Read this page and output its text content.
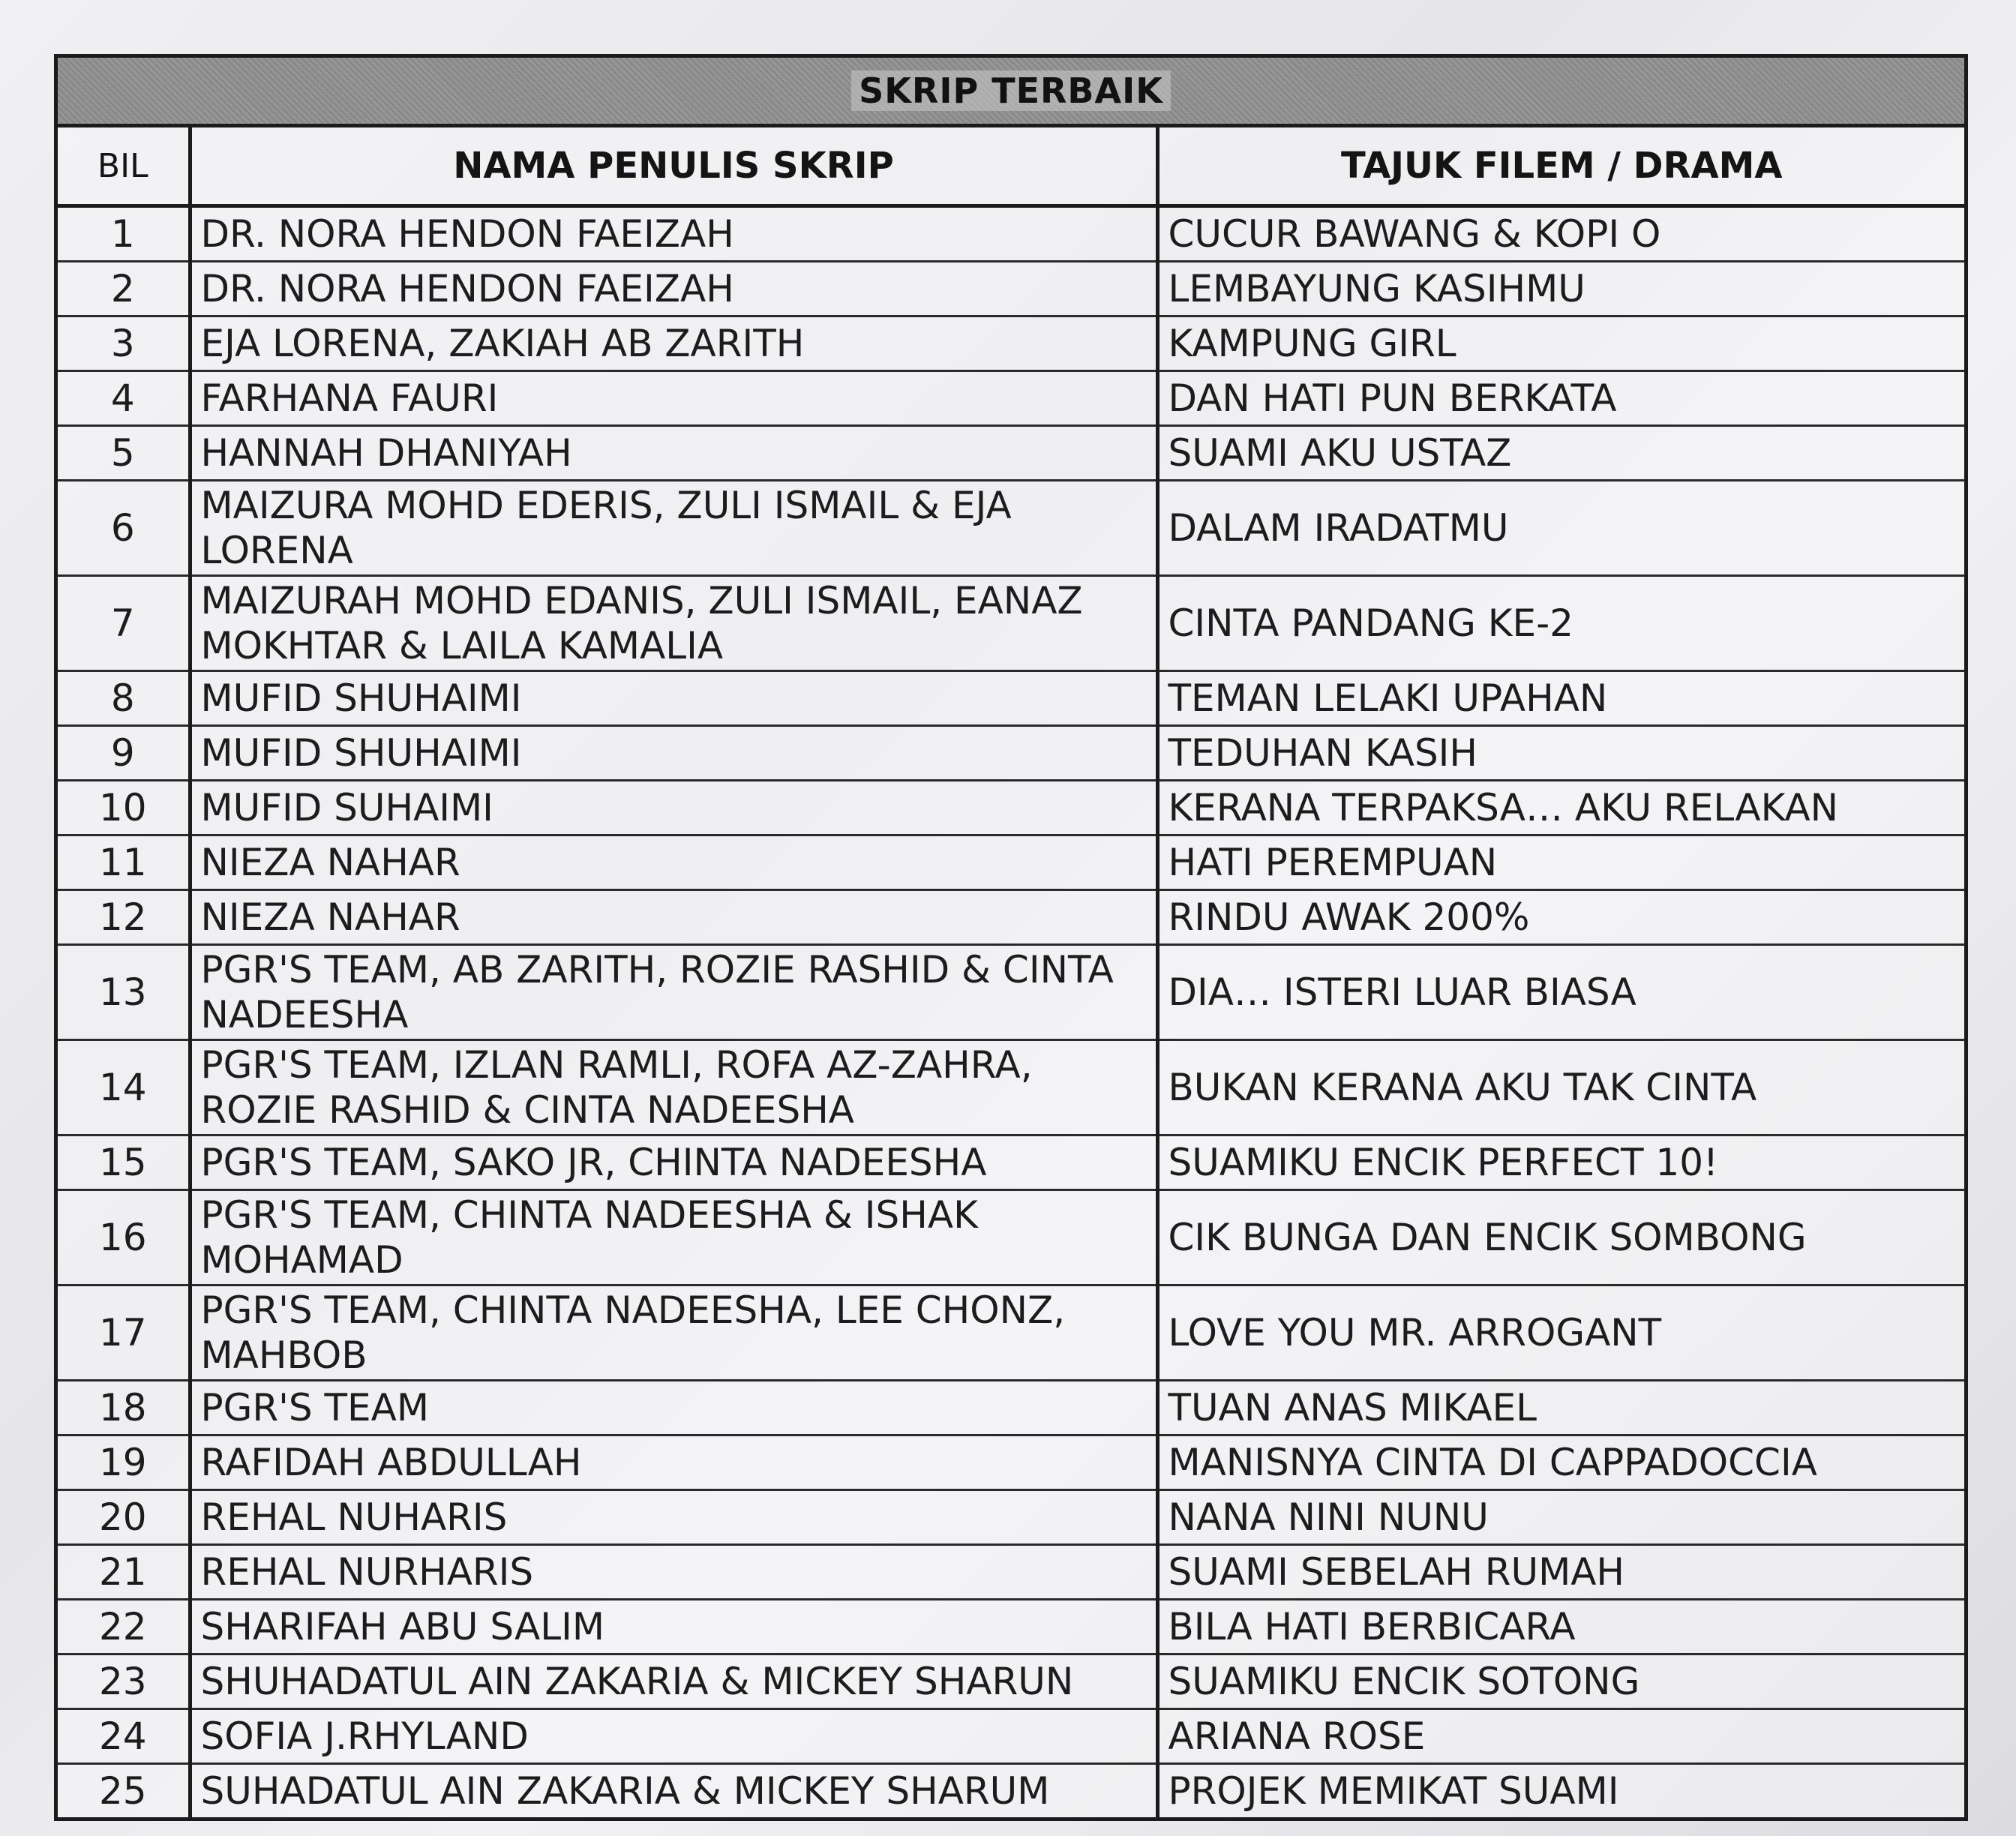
SKRIP TERBAIK
BIL	NAMA PENULIS SKRIP	TAJUK FILEM / DRAMA
1	DR. NORA HENDON FAEIZAH	CUCUR BAWANG & KOPI O
2	DR. NORA HENDON FAEIZAH	LEMBAYUNG KASIHMU
3	EJA LORENA, ZAKIAH AB ZARITH	KAMPUNG GIRL
4	FARHANA FAURI	DAN HATI PUN BERKATA
5	HANNAH DHANIYAH	SUAMI AKU USTAZ
6	MAIZURA MOHD EDERIS, ZULI ISMAIL & EJA LORENA	DALAM IRADATMU
7	MAIZURAH MOHD EDANIS, ZULI ISMAIL, EANAZ MOKHTAR & LAILA KAMALIA	CINTA PANDANG KE-2
8	MUFID SHUHAIMI	TEMAN LELAKI UPAHAN
9	MUFID SHUHAIMI	TEDUHAN KASIH
10	MUFID SUHAIMI	KERANA TERPAKSA… AKU RELAKAN
11	NIEZA NAHAR	HATI PEREMPUAN
12	NIEZA NAHAR	RINDU AWAK 200%
13	PGR'S TEAM, AB ZARITH, ROZIE RASHID & CINTA NADEESHA	DIA… ISTERI LUAR BIASA
14	PGR'S TEAM, IZLAN RAMLI, ROFA AZ-ZAHRA, ROZIE RASHID & CINTA NADEESHA	BUKAN KERANA AKU TAK CINTA
15	PGR'S TEAM, SAKO JR, CHINTA NADEESHA	SUAMIKU ENCIK PERFECT 10!
16	PGR'S TEAM, CHINTA NADEESHA & ISHAK MOHAMAD	CIK BUNGA DAN ENCIK SOMBONG
17	PGR'S TEAM, CHINTA NADEESHA, LEE CHONZ, MAHBOB	LOVE YOU MR. ARROGANT
18	PGR'S TEAM	TUAN ANAS MIKAEL
19	RAFIDAH ABDULLAH	MANISNYA CINTA DI CAPPADOCCIA
20	REHAL NUHARIS	NANA NINI NUNU
21	REHAL NURHARIS	SUAMI SEBELAH RUMAH
22	SHARIFAH ABU SALIM	BILA HATI BERBICARA
23	SHUHADATUL AIN ZAKARIA & MICKEY SHARUN	SUAMIKU ENCIK SOTONG
24	SOFIA J.RHYLAND	ARIANA ROSE
25	SUHADATUL AIN ZAKARIA & MICKEY SHARUM	PROJEK MEMIKAT SUAMI
